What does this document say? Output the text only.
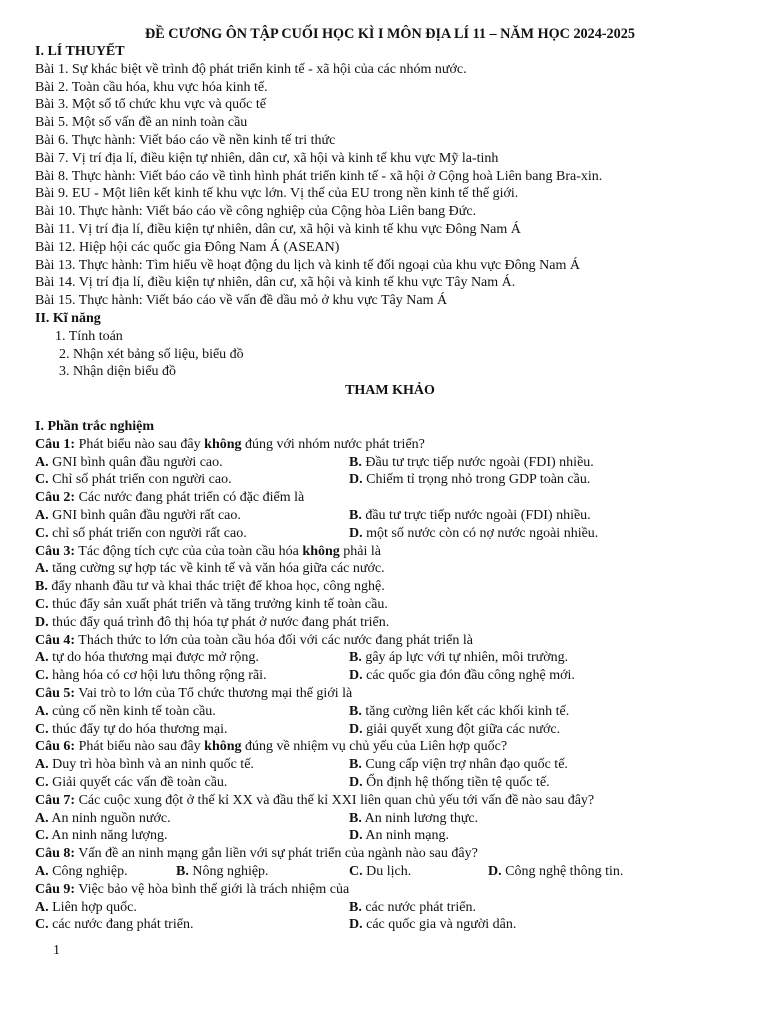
ĐỀ CƯƠNG ÔN TẬP CUỐI HỌC KÌ I MÔN ĐỊA LÍ 11 – NĂM HỌC 2024-2025
I. LÍ THUYẾT
Bài 1. Sự khác biệt về trình độ phát triển kinh tế - xã hội của các nhóm nước.
Bài 2. Toàn cầu hóa, khu vực hóa kinh tế.
Bài 3. Một số tổ chức khu vực và quốc tế
Bài 5. Một số vấn đề an ninh toàn cầu
Bài 6. Thực hành: Viết báo cáo về nền kinh tế tri thức
Bài 7. Vị trí địa lí, điều kiện tự nhiên, dân cư, xã hội và kinh tế khu vực Mỹ la-tinh
Bài 8. Thực hành: Viết báo cáo về tình hình phát triển kinh tế - xã hội ở Cộng hoà Liên bang Bra-xin.
Bài 9. EU - Một liên kết kinh tế khu vực lớn. Vị thế của EU trong nền kinh tế thế giới.
Bài 10. Thực hành: Viết báo cáo về công nghiệp của Cộng hòa Liên bang Đức.
Bài 11. Vị trí địa lí, điều kiện tự nhiên, dân cư, xã hội và kinh tế khu vực Đông Nam Á
Bài 12. Hiệp hội các quốc gia Đông Nam Á (ASEAN)
Bài 13. Thực hành: Tìm hiểu về hoạt động du lịch và kinh tế đối ngoại của khu vực Đông Nam Á
Bài 14. Vị trí địa lí, điều kiện tự nhiên, dân cư, xã hội và kinh tế khu vực Tây Nam Á.
Bài 15. Thực hành: Viết báo cáo về vấn đề dầu mỏ ở khu vực Tây Nam Á
II. Kĩ năng
1. Tính toán
2. Nhận xét bảng số liệu, biểu đồ
3. Nhận diện biểu đồ
THAM KHẢO
I. Phần trắc nghiệm
Câu 1: Phát biểu nào sau đây không đúng với nhóm nước phát triển?
A. GNI bình quân đầu người cao.	B. Đầu tư trực tiếp nước ngoài (FDI) nhiều.
C. Chỉ số phát triển con người cao.	D. Chiếm tỉ trọng nhỏ trong GDP toàn cầu.
Câu 2: Các nước đang phát triển có đặc điểm là
A. GNI bình quân đầu người rất cao.	B. đầu tư trực tiếp nước ngoài (FDI) nhiều.
C. chỉ số phát triển con người rất cao.	D. một số nước còn có nợ nước ngoài nhiều.
Câu 3: Tác động tích cực của của toàn cầu hóa không phải là
A. tăng cường sự hợp tác về kinh tế và văn hóa giữa các nước.
B. đẩy nhanh đầu tư và khai thác triệt để khoa học, công nghệ.
C. thúc đẩy sản xuất phát triển và tăng trưởng kinh tế toàn cầu.
D. thúc đẩy quá trình đô thị hóa tự phát ở nước đang phát triển.
Câu 4: Thách thức to lớn của toàn cầu hóa đối với các nước đang phát triển là
A. tự do hóa thương mại được mở rộng.	B. gây áp lực với tự nhiên, môi trường.
C. hàng hóa có cơ hội lưu thông rộng rãi.	D. các quốc gia đón đầu công nghệ mới.
Câu 5: Vai trò to lớn của Tổ chức thương mại thế giới là
A. củng cố nền kinh tế toàn cầu.	B. tăng cường liên kết các khối kinh tế.
C. thúc đẩy tự do hóa thương mại.	D. giải quyết xung đột giữa các nước.
Câu 6: Phát biểu nào sau đây không đúng về nhiệm vụ chủ yếu của Liên hợp quốc?
A. Duy trì hòa bình và an ninh quốc tế.	B. Cung cấp viện trợ nhân đạo quốc tế.
C. Giải quyết các vấn đề toàn cầu.	D. Ổn định hệ thống tiền tệ quốc tế.
Câu 7: Các cuộc xung đột ở thế kỉ XX và đầu thế kỉ XXI liên quan chủ yếu tới vấn đề nào sau đây?
A. An ninh nguồn nước.	B. An ninh lương thực.
C. An ninh năng lượng.	D. An ninh mạng.
Câu 8: Vấn đề an ninh mạng gắn liền với sự phát triển của ngành nào sau đây?
A. Công nghiệp.	B. Nông nghiệp.	C. Du lịch.	D. Công nghệ thông tin.
Câu 9: Việc bảo vệ hòa bình thế giới là trách nhiệm của
A. Liên hợp quốc.	B. các nước phát triển.
C. các nước đang phát triển.	D. các quốc gia và người dân.
1
